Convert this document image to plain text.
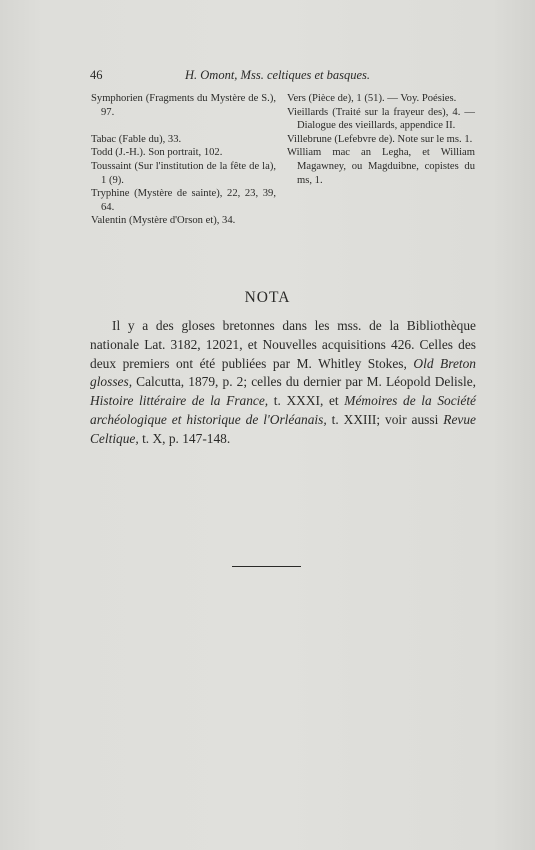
46	H. Omont, Mss. celtiques et basques.
Symphorien (Fragments du Mystère de S.), 97.
Tabac (Fable du), 33.
Todd (J.-H.). Son portrait, 102.
Toussaint (Sur l'institution de la fête de la), 1 (9).
Tryphine (Mystère de sainte), 22, 23, 39, 64.
Valentin (Mystère d'Orson et), 34.
Vers (Pièce de), 1 (51). — Voy. Poésies.
Vieillards (Traité sur la frayeur des), 4. — Dialogue des vieillards, appendice II.
Villebrune (Lefebvre de). Note sur le ms. 1.
William mac an Legha, et William Magawney, ou Magduibne, copistes du ms, 1.
NOTA

Il y a des gloses bretonnes dans les mss. de la Bibliothèque nationale Lat. 3182, 12021, et Nouvelles acquisitions 426. Celles des deux premiers ont été publiées par M. Whitley Stokes, Old Breton glosses, Calcutta, 1879, p. 2; celles du dernier par M. Léopold Delisle, Histoire littéraire de la France, t. XXXI, et Mémoires de la Société archéologique et historique de l'Orléanais, t. XXIII; voir aussi Revue Celtique, t. X, p. 147-148.
